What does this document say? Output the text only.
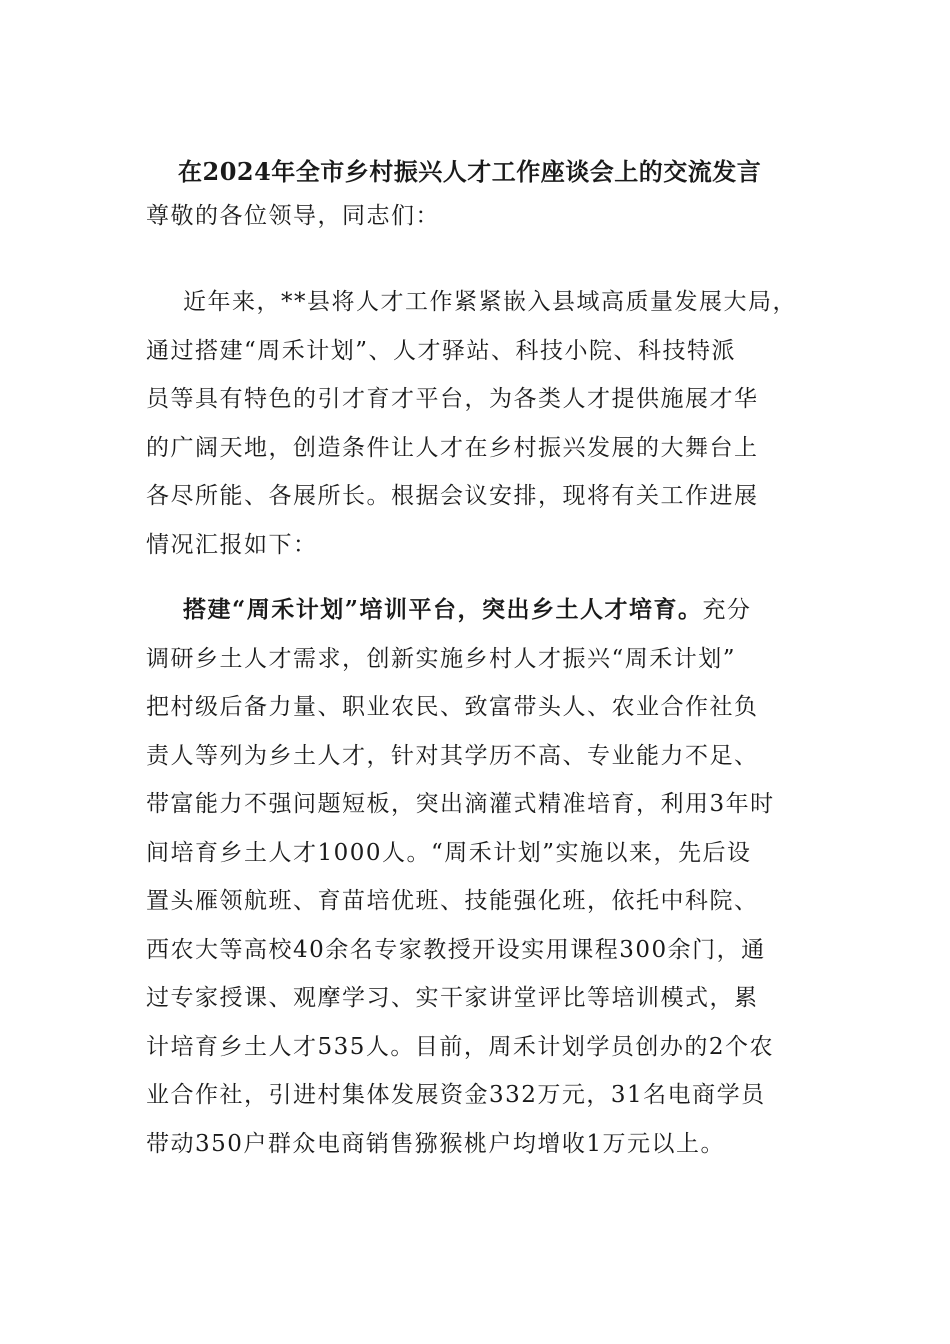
在2024年全市乡村振兴人才工作座谈会上的交流发言
尊敬的各位领导，同志们：
近年来，**县将人才工作紧紧嵌入县域高质量发展大局，
通过搭建“周禾计划”、人才驿站、科技小院、科技特派
员等具有特色的引才育才平台，为各类人才提供施展才华
的广阔天地，创造条件让人才在乡村振兴发展的大舞台上
各尽所能、各展所长。根据会议安排，现将有关工作进展
情况汇报如下：
搭建“周禾计划”培训平台，突出乡土人才培育。充分
调研乡土人才需求，创新实施乡村人才振兴“周禾计划”
把村级后备力量、职业农民、致富带头人、农业合作社负
责人等列为乡土人才，针对其学历不高、专业能力不足、
带富能力不强问题短板，突出滴灌式精准培育，利用3年时
间培育乡土人才1000人。“周禾计划”实施以来，先后设
置头雁领航班、育苗培优班、技能强化班，依托中科院、
西农大等高校40余名专家教授开设实用课程300余门，通
过专家授课、观摩学习、实干家讲堂评比等培训模式，累
计培育乡土人才535人。目前，周禾计划学员创办的2个农
业合作社，引进村集体发展资金332万元，31名电商学员
带动350户群众电商销售猕猴桃户均增收1万元以上。
